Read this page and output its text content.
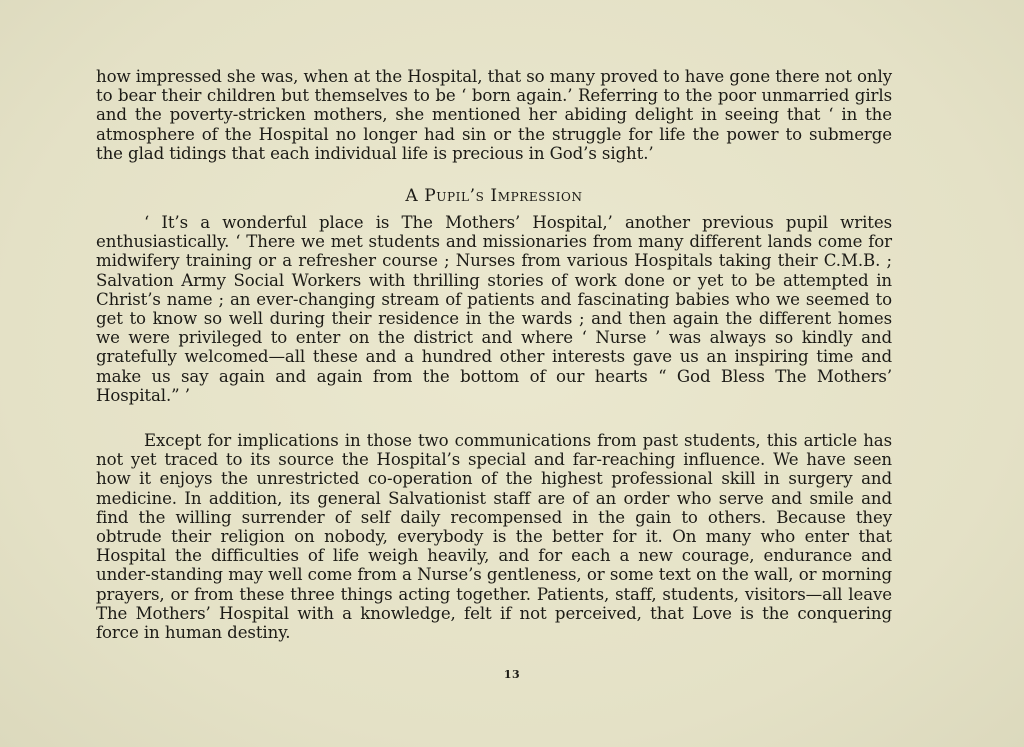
how impressed she was, when at the Hospital, that so many proved to have gone there not only to bear their children but themselves to be ‘ born again.’ Referring to the poor unmarried girls and the poverty-stricken mothers, she mentioned her abiding delight in seeing that ‘ in the atmosphere of the Hospital no longer had sin or the struggle for life the power to submerge the glad tidings that each individual life is precious in God’s sight.’

A Pupil’s Impression

‘ It’s a wonderful place is The Mothers’ Hospital,’ another previous pupil writes enthusiastically. ‘ There we met students and missionaries from many different lands come for midwifery training or a refresher course ; Nurses from various Hospitals taking their C.M.B. ; Salvation Army Social Workers with thrilling stories of work done or yet to be attempted in Christ’s name ; an ever-changing stream of patients and fascinating babies who we seemed to get to know so well during their residence in the wards ; and then again the different homes we were privileged to enter on the district and where ‘ Nurse ’ was always so kindly and gratefully welcomed—all these and a hundred other interests gave us an inspiring time and make us say again and again from the bottom of our hearts “ God Bless The Mothers’ Hospital.” ’

Except for implications in those two communications from past students, this article has not yet traced to its source the Hospital’s special and far-reaching influence. We have seen how it enjoys the unrestricted co-operation of the highest professional skill in surgery and medicine. In addition, its general Salvationist staff are of an order who serve and smile and find the willing surrender of self daily recompensed in the gain to others. Because they obtrude their religion on nobody, everybody is the better for it. On many who enter that Hospital the difficulties of life weigh heavily, and for each a new courage, endurance and under-standing may well come from a Nurse’s gentleness, or some text on the wall, or morning prayers, or from these three things acting together. Patients, staff, students, visitors—all leave The Mothers’ Hospital with a knowledge, felt if not perceived, that Love is the conquering force in human destiny.

13
